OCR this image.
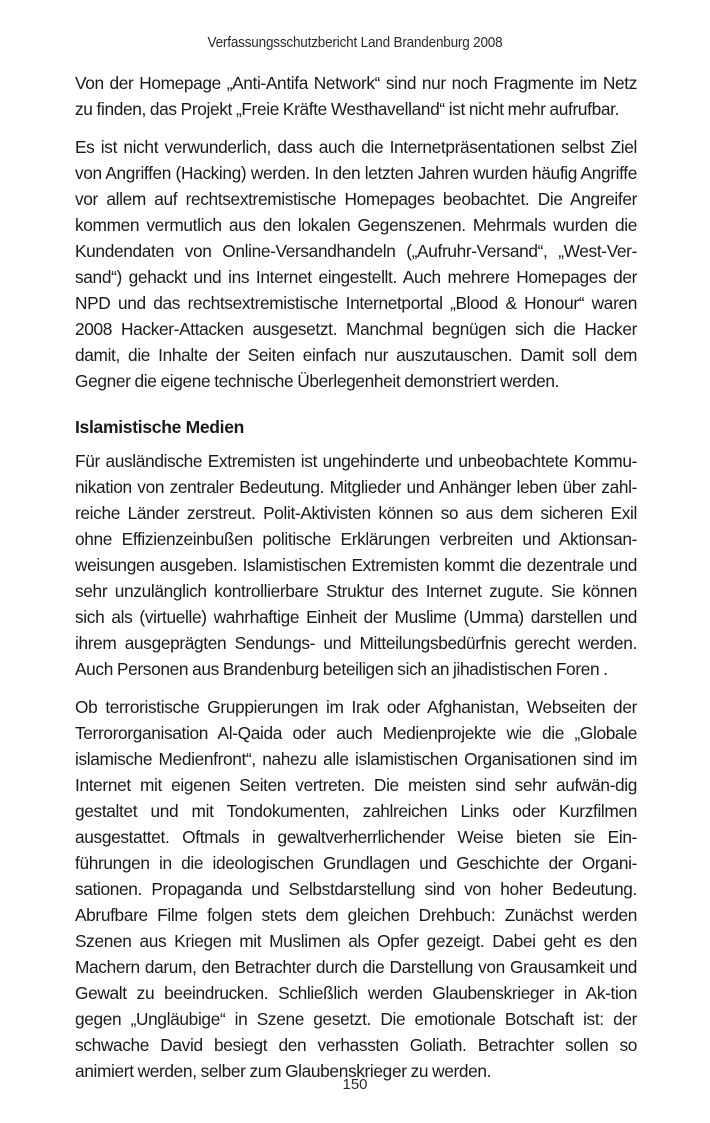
Verfassungsschutzbericht Land Brandenburg 2008

Von der Homepage „Anti-Antifa Network“ sind nur noch Fragmente im Netz zu finden, das Projekt „Freie Kräfte Westhavelland“ ist nicht mehr aufrufbar.

Es ist nicht verwunderlich, dass auch die Internetpräsentationen selbst Ziel von Angriffen (Hacking) werden. In den letzten Jahren wurden häufig Angriffe vor allem auf rechtsextremistische Homepages beobachtet. Die Angreifer kommen vermutlich aus den lokalen Gegenszenen. Mehrmals wurden die Kundendaten von Online-Versandhandeln („Aufruhr-Versand“, „West-Ver-sand“) gehackt und ins Internet eingestellt. Auch mehrere Homepages der NPD und das rechtsextremistische Internetportal „Blood & Honour“ waren 2008 Hacker-Attacken ausgesetzt. Manchmal begnügen sich die Hacker damit, die Inhalte der Seiten einfach nur auszutauschen. Damit soll dem Gegner die eigene technische Überlegenheit demonstriert werden.

Islamistische Medien

Für ausländische Extremisten ist ungehinderte und unbeobachtete Kommu-nikation von zentraler Bedeutung. Mitglieder und Anhänger leben über zahl-reiche Länder zerstreut. Polit-Aktivisten können so aus dem sicheren Exil ohne Effizienzeinbußen politische Erklärungen verbreiten und Aktionsan-weisungen ausgeben. Islamistischen Extremisten kommt die dezentrale und sehr unzulänglich kontrollierbare Struktur des Internet zugute. Sie können sich als (virtuelle) wahrhaftige Einheit der Muslime (Umma) darstellen und ihrem ausgeprägten Sendungs- und Mitteilungsbedürfnis gerecht werden. Auch Personen aus Brandenburg beteiligen sich an jihadistischen Foren .

Ob terroristische Gruppierungen im Irak oder Afghanistan, Webseiten der Terrororganisation Al-Qaida oder auch Medienprojekte wie die „Globale islamische Medienfront“, nahezu alle islamistischen Organisationen sind im Internet mit eigenen Seiten vertreten. Die meisten sind sehr aufwän-dig gestaltet und mit Tondokumenten, zahlreichen Links oder Kurzfilmen ausgestattet. Oftmals in gewaltverherrlichender Weise bieten sie Ein-führungen in die ideologischen Grundlagen und Geschichte der Organi-sationen. Propaganda und Selbstdarstellung sind von hoher Bedeutung. Abrufbare Filme folgen stets dem gleichen Drehbuch: Zunächst werden Szenen aus Kriegen mit Muslimen als Opfer gezeigt. Dabei geht es den Machern darum, den Betrachter durch die Darstellung von Grausamkeit und Gewalt zu beeindrucken. Schließlich werden Glaubenskrieger in Ak-tion gegen „Ungläubige“ in Szene gesetzt. Die emotionale Botschaft ist: der schwache David besiegt den verhassten Goliath. Betrachter sollen so animiert werden, selber zum Glaubenskrieger zu werden.

150
